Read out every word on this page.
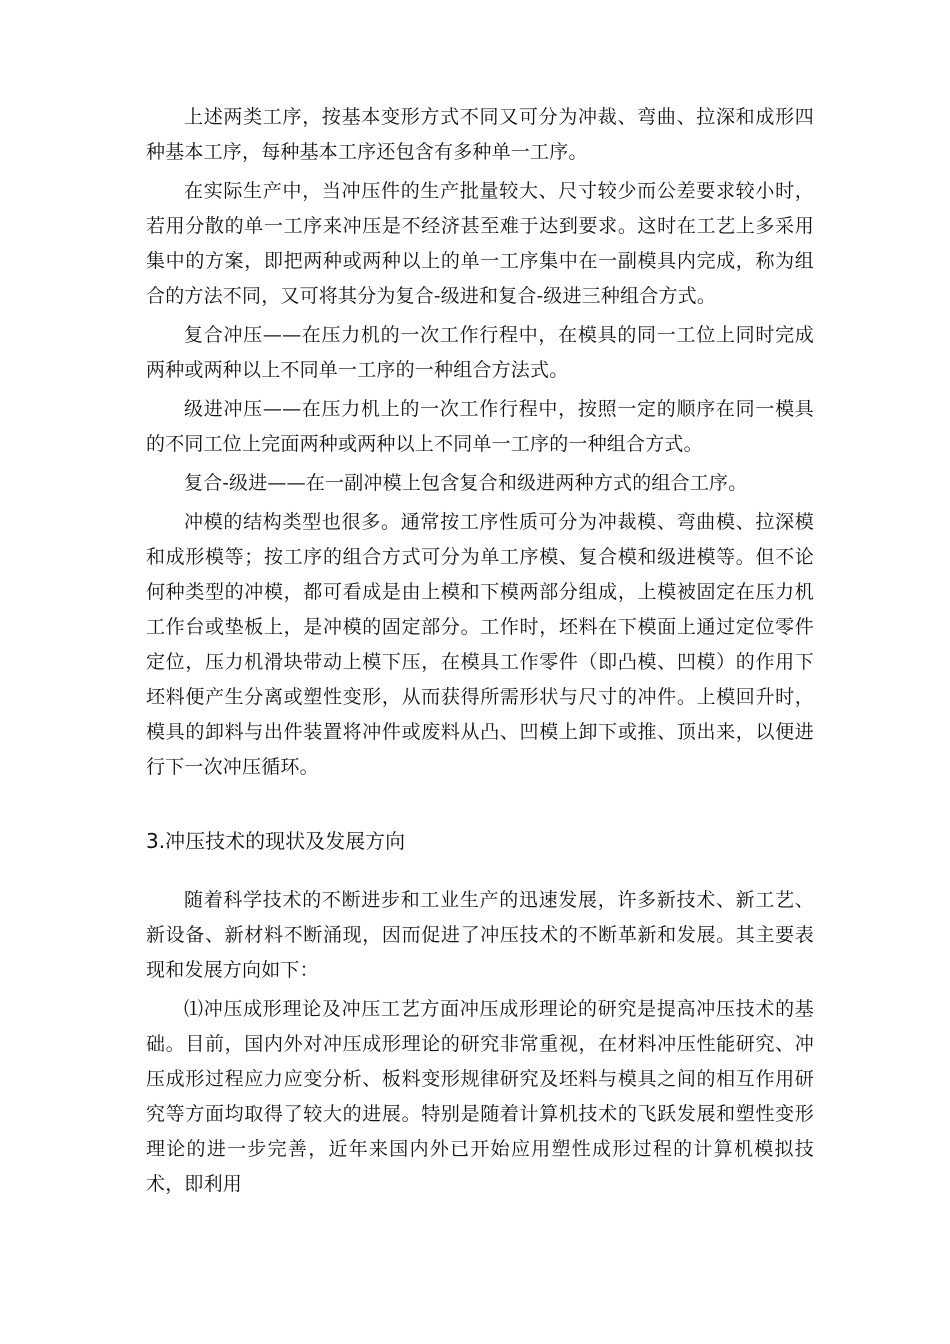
上述两类工序，按基本变形方式不同又可分为冲裁、弯曲、拉深和成形四种基本工序，每种基本工序还包含有多种单一工序。

在实际生产中，当冲压件的生产批量较大、尺寸较少而公差要求较小时，若用分散的单一工序来冲压是不经济甚至难于达到要求。这时在工艺上多采用集中的方案，即把两种或两种以上的单一工序集中在一副模具内完成，称为组合的方法不同，又可将其分为复合-级进和复合-级进三种组合方式。

复合冲压——在压力机的一次工作行程中，在模具的同一工位上同时完成两种或两种以上不同单一工序的一种组合方法式。

级进冲压——在压力机上的一次工作行程中，按照一定的顺序在同一模具的不同工位上完面两种或两种以上不同单一工序的一种组合方式。

复合-级进——在一副冲模上包含复合和级进两种方式的组合工序。

冲模的结构类型也很多。通常按工序性质可分为冲裁模、弯曲模、拉深模和成形模等；按工序的组合方式可分为单工序模、复合模和级进模等。但不论何种类型的冲模，都可看成是由上模和下模两部分组成，上模被固定在压力机工作台或垫板上，是冲模的固定部分。工作时，坯料在下模面上通过定位零件定位，压力机滑块带动上模下压，在模具工作零件（即凸模、凹模）的作用下坯料便产生分离或塑性变形，从而获得所需形状与尺寸的冲件。上模回升时，模具的卸料与出件装置将冲件或废料从凸、凹模上卸下或推、顶出来，以便进行下一次冲压循环。

3.冲压技术的现状及发展方向

随着科学技术的不断进步和工业生产的迅速发展，许多新技术、新工艺、新设备、新材料不断涌现，因而促进了冲压技术的不断革新和发展。其主要表现和发展方向如下：

⑴冲压成形理论及冲压工艺方面冲压成形理论的研究是提高冲压技术的基础。目前，国内外对冲压成形理论的研究非常重视，在材料冲压性能研究、冲压成形过程应力应变分析、板料变形规律研究及坯料与模具之间的相互作用研究等方面均取得了较大的进展。特别是随着计算机技术的飞跃发展和塑性变形理论的进一步完善，近年来国内外已开始应用塑性成形过程的计算机模拟技术，即利用
